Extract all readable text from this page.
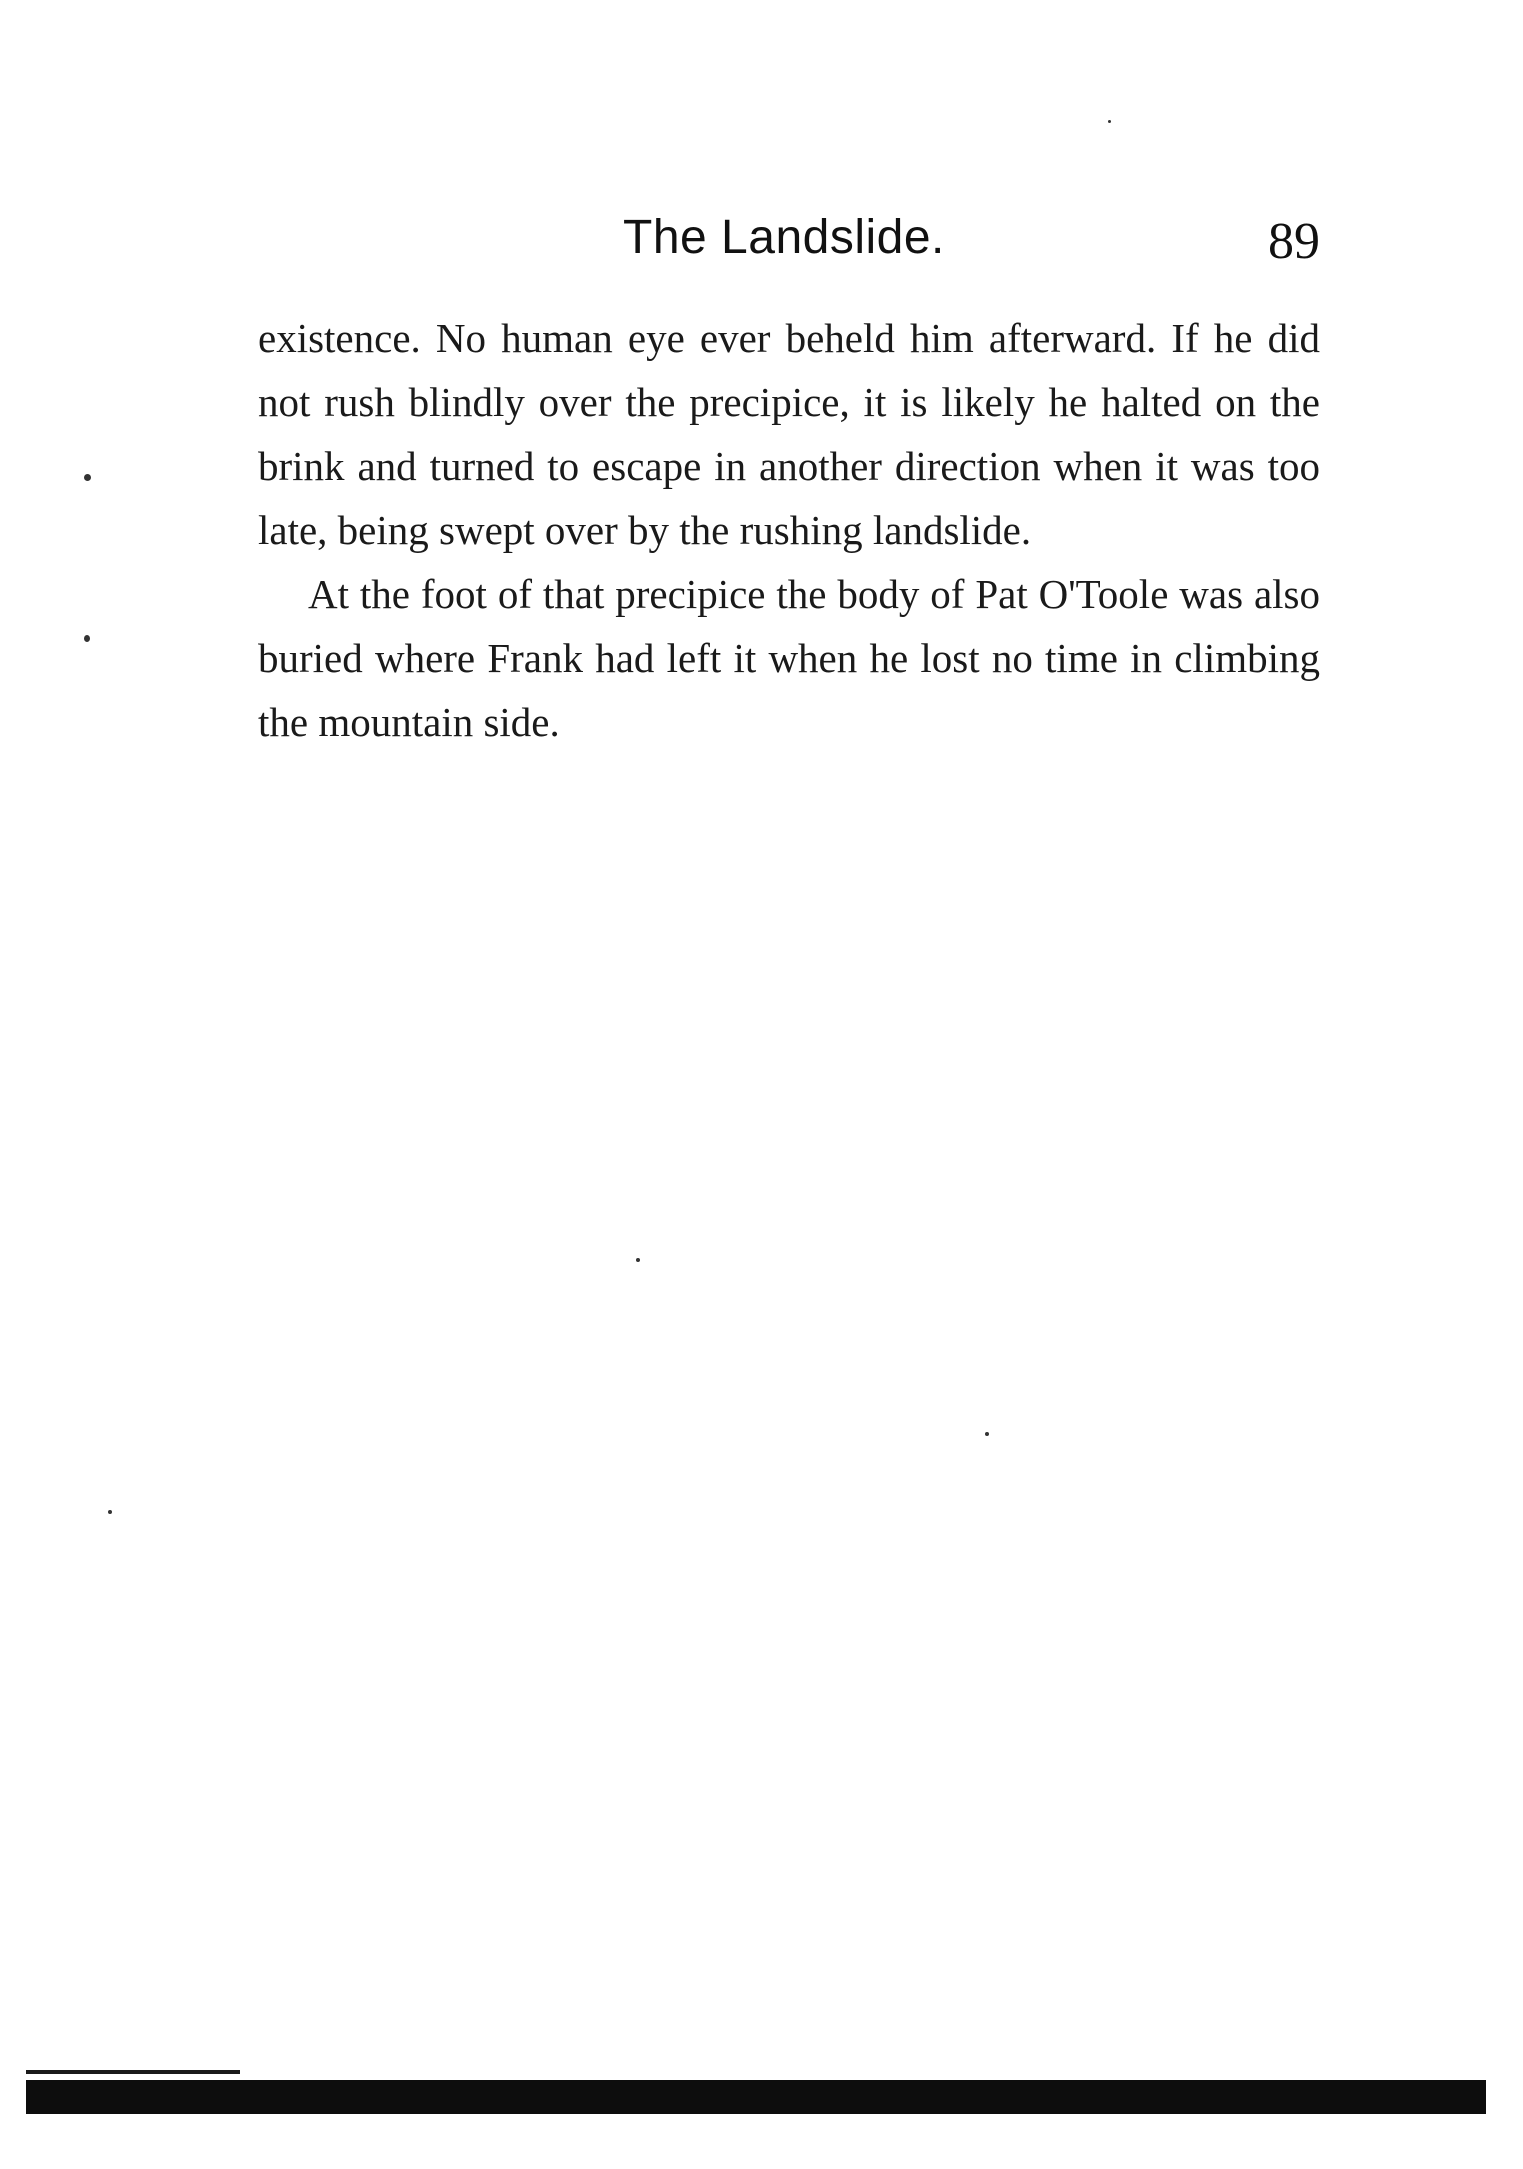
The Landslide.	89

existence. No human eye ever beheld him afterward. If he did not rush blindly over the precipice, it is likely he halted on the brink and turned to escape in another direction when it was too late, being swept over by the rushing landslide.

At the foot of that precipice the body of Pat O'Toole was also buried where Frank had left it when he lost no time in climbing the mountain side.
